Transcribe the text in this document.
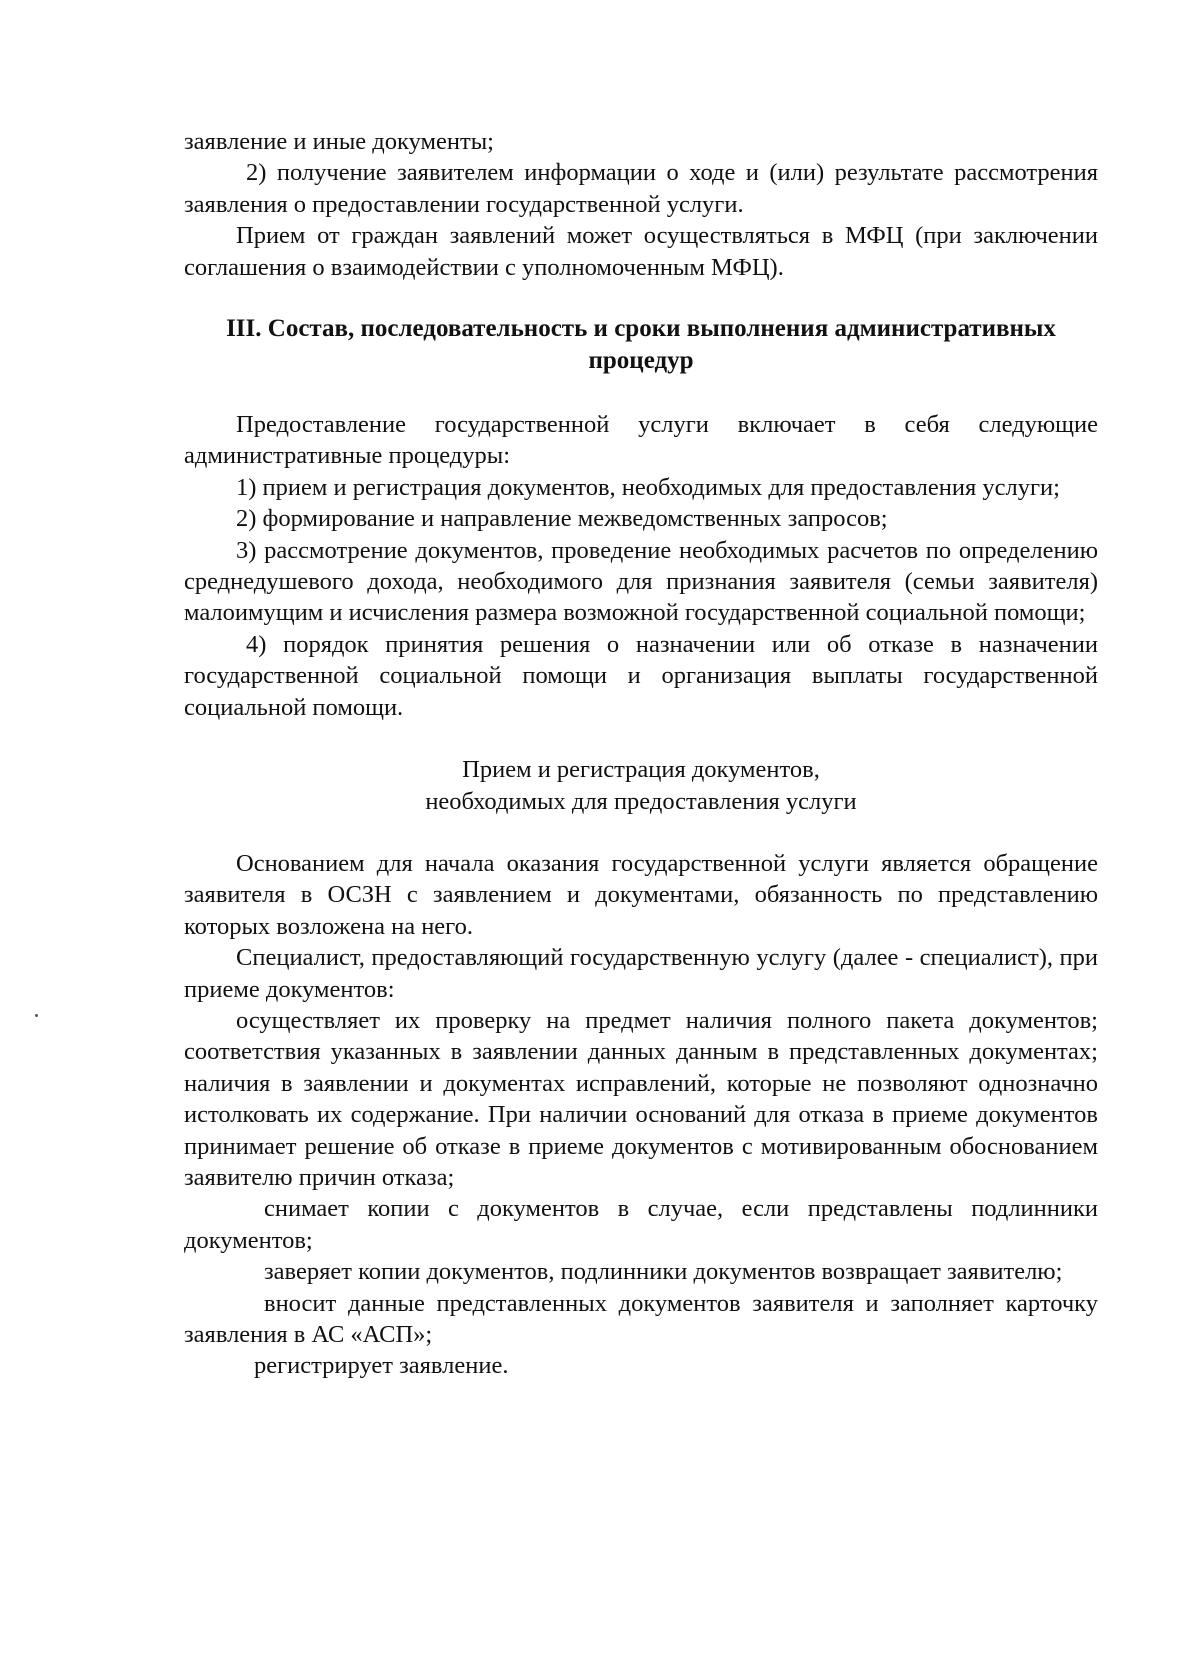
заявление и иные документы;

2) получение заявителем информации о ходе и (или) результате рассмотрения заявления о предоставлении государственной услуги.

Прием от граждан заявлений может осуществляться в МФЦ (при заключении соглашения о взаимодействии с уполномоченным МФЦ).

III. Состав, последовательность и сроки выполнения административных процедур

Предоставление государственной услуги включает в себя следующие административные процедуры:

1) прием и регистрация документов, необходимых для предоставления услуги;

2) формирование и направление межведомственных запросов;

3) рассмотрение документов, проведение необходимых расчетов по определению среднедушевого дохода, необходимого для признания заявителя (семьи заявителя) малоимущим и исчисления размера возможной государственной социальной помощи;

4) порядок принятия решения о назначении или об отказе в назначении государственной социальной помощи и организация выплаты государственной социальной помощи.

Прием и регистрация документов,
необходимых для предоставления услуги

Основанием для начала оказания государственной услуги является обращение заявителя в ОСЗН с заявлением и документами, обязанность по представлению которых возложена на него.

Специалист, предоставляющий государственную услугу (далее - специалист), при приеме документов:

осуществляет их проверку на предмет наличия полного пакета документов; соответствия указанных в заявлении данных данным в представленных документах; наличия в заявлении и документах исправлений, которые не позволяют однозначно истолковать их содержание. При наличии оснований для отказа в приеме документов принимает решение об отказе в приеме документов с мотивированным обоснованием заявителю причин отказа;

снимает копии с документов в случае, если представлены подлинники документов;

заверяет копии документов, подлинники документов возвращает заявителю;

вносит данные представленных документов заявителя и заполняет карточку заявления в АС «АСП»;

регистрирует заявление.
